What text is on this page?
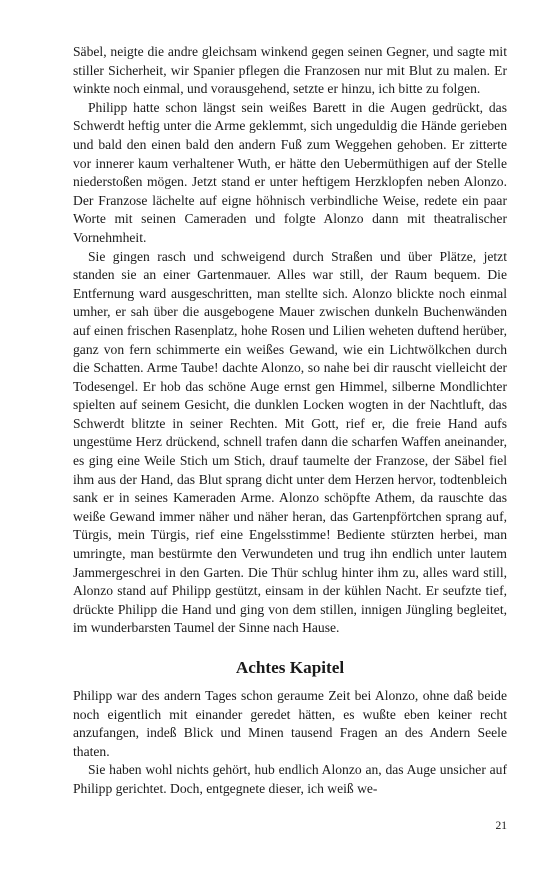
Säbel, neigte die andre gleichsam winkend gegen seinen Gegner, und sagte mit stiller Sicherheit, wir Spanier pflegen die Franzosen nur mit Blut zu malen. Er winkte noch einmal, und vorausgehend, setzte er hinzu, ich bitte zu folgen.

Philipp hatte schon längst sein weißes Barett in die Augen gedrückt, das Schwerdt heftig unter die Arme geklemmt, sich ungeduldig die Hände gerieben und bald den einen bald den andern Fuß zum Weggehen gehoben. Er zitterte vor innerer kaum verhaltener Wuth, er hätte den Uebermüthigen auf der Stelle niederstoßen mögen. Jetzt stand er unter heftigem Herzklopfen neben Alonzo. Der Franzose lächelte auf eigne höhnisch verbindliche Weise, redete ein paar Worte mit seinen Cameraden und folgte Alonzo dann mit theatralischer Vornehmheit.

Sie gingen rasch und schweigend durch Straßen und über Plätze, jetzt standen sie an einer Gartenmauer. Alles war still, der Raum bequem. Die Entfernung ward ausgeschritten, man stellte sich. Alonzo blickte noch einmal umher, er sah über die ausgebogene Mauer zwischen dunkeln Buchenwänden auf einen frischen Rasenplatz, hohe Rosen und Lilien weheten duftend herüber, ganz von fern schimmerte ein weißes Gewand, wie ein Lichtwölkchen durch die Schatten. Arme Taube! dachte Alonzo, so nahe bei dir rauscht vielleicht der Todesengel. Er hob das schöne Auge ernst gen Himmel, silberne Mondlichter spielten auf seinem Gesicht, die dunklen Locken wogten in der Nachtluft, das Schwerdt blitzte in seiner Rechten. Mit Gott, rief er, die freie Hand aufs ungestüme Herz drückend, schnell trafen dann die scharfen Waffen aneinander, es ging eine Weile Stich um Stich, drauf taumelte der Franzose, der Säbel fiel ihm aus der Hand, das Blut sprang dicht unter dem Herzen hervor, todtenbleich sank er in seines Kameraden Arme. Alonzo schöpfte Athem, da rauschte das weiße Gewand immer näher und näher heran, das Gartenpförtchen sprang auf, Türgis, mein Türgis, rief eine Engelsstimme! Bediente stürzten herbei, man umringte, man bestürmte den Verwundeten und trug ihn endlich unter lautem Jammergeschrei in den Garten. Die Thür schlug hinter ihm zu, alles ward still, Alonzo stand auf Philipp gestützt, einsam in der kühlen Nacht. Er seufzte tief, drückte Philipp die Hand und ging von dem stillen, innigen Jüngling begleitet, im wunderbarsten Taumel der Sinne nach Hause.

Achtes Kapitel

Philipp war des andern Tages schon geraume Zeit bei Alonzo, ohne daß beide noch eigentlich mit einander geredet hätten, es wußte eben keiner recht anzufangen, indeß Blick und Minen tausend Fragen an des Andern Seele thaten.

Sie haben wohl nichts gehört, hub endlich Alonzo an, das Auge unsicher auf Philipp gerichtet. Doch, entgegnete dieser, ich weiß we-

21
